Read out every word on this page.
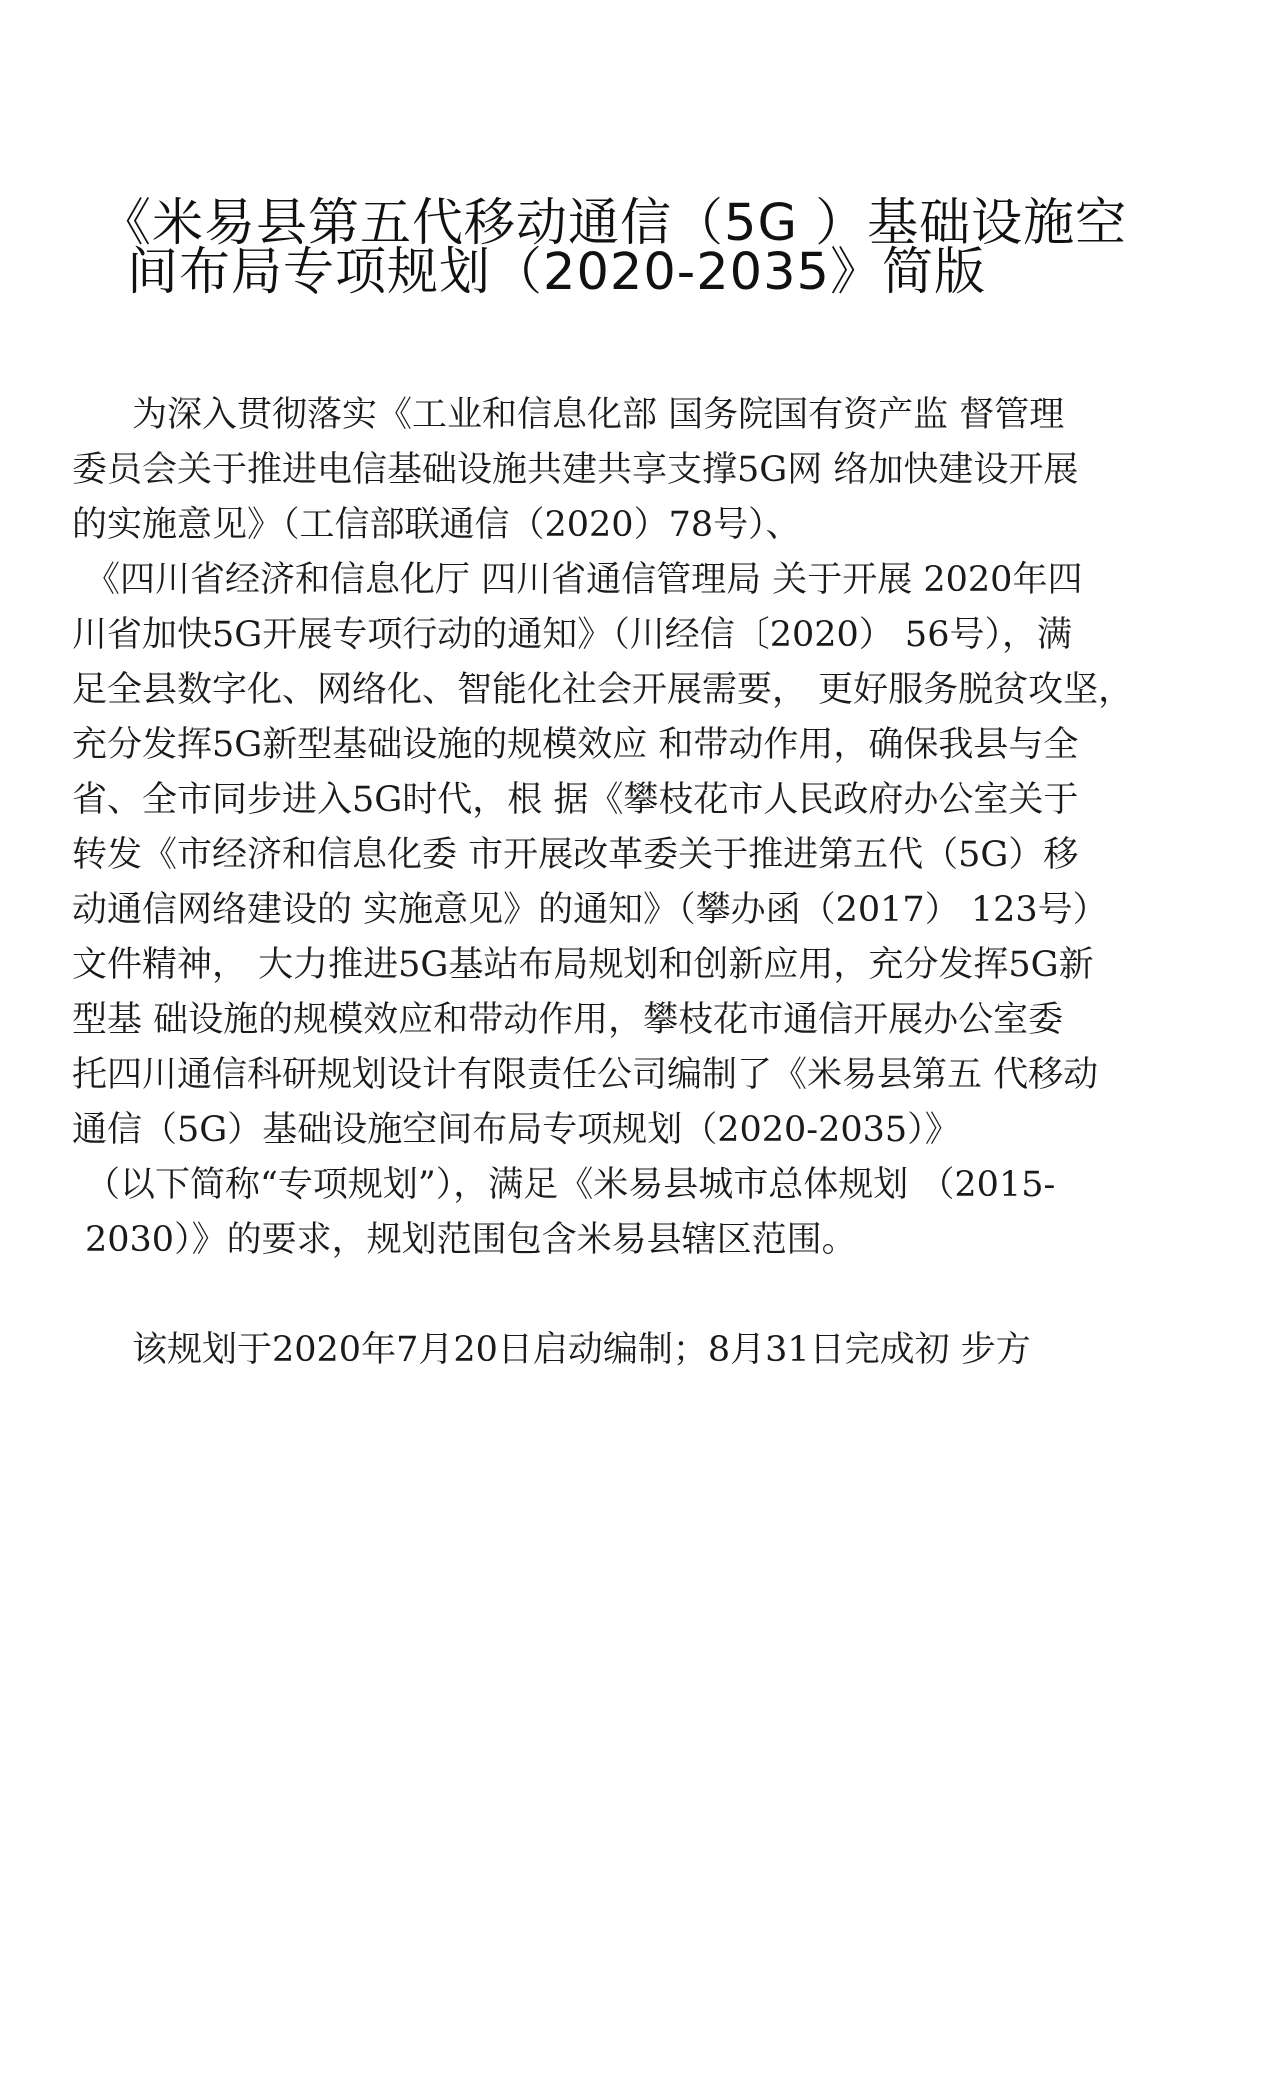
《米易县第五代移动通信（5G ）基础设施空
间布局专项规划（2020-2035》简版
为深入贯彻落实《工业和信息化部 国务院国有资产监 督管理
委员会关于推进电信基础设施共建共享支撑5G网 络加快建设开展
的实施意见》（工信部联通信（2020）78号）、
《四川省经济和信息化厅 四川省通信管理局 关于开展 2020年四
川省加快5G开展专项行动的通知》（川经信〔2020） 56号），满
足全县数字化、网络化、智能化社会开展需要， 更好服务脱贫攻坚，
充分发挥5G新型基础设施的规模效应 和带动作用，确保我县与全
省、全市同步进入5G时代，根 据《攀枝花市人民政府办公室关于
转发《市经济和信息化委 市开展改革委关于推进第五代（5G）移
动通信网络建设的 实施意见》的通知》（攀办函（2017） 123号）
文件精神， 大力推进5G基站布局规划和创新应用，充分发挥5G新
型基 础设施的规模效应和带动作用，攀枝花市通信开展办公室委
托四川通信科研规划设计有限责任公司编制了《米易县第五 代移动
通信（5G）基础设施空间布局专项规划（2020-2035）》
（以下简称“专项规划”），满足《米易县城市总体规划 （2015-
2030）》的要求，规划范围包含米易县辖区范围。
该规划于2020年7月20日启动编制；8月31日完成初 步方
